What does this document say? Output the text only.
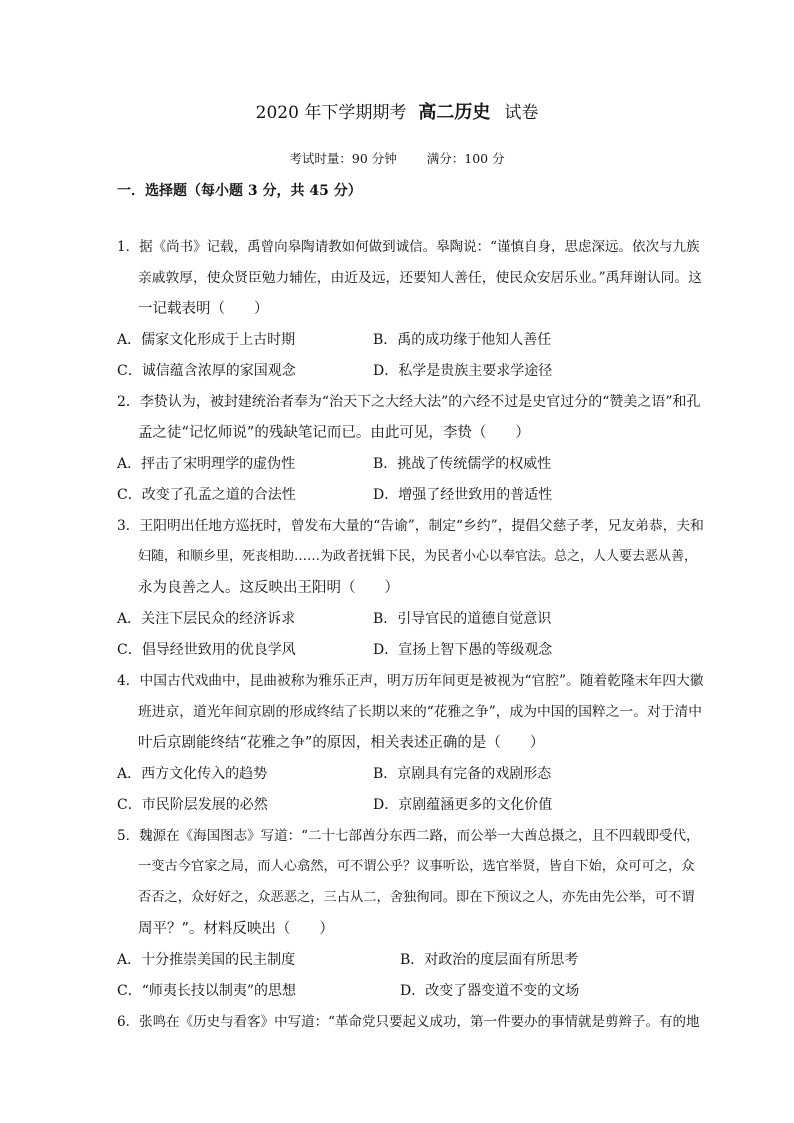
2020 年下学期期考 高二历史 试卷
考试时量：90 分钟 满分：100 分
一．选择题（每小题 3 分，共 45 分）
1．据《尚书》记载，禹曾向皋陶请教如何做到诚信。皋陶说：“谨慎自身，思虑深远。依次与九族
亲戚敦厚，使众贤臣勉力辅佐，由近及远，还要知人善任，使民众安居乐业。”禹拜谢认同。这
一记载表明（　　）
A．儒家文化形成于上古时期	B．禹的成功缘于他知人善任
C．诚信蕴含浓厚的家国观念	D．私学是贵族主要求学途径
2．李贽认为，被封建统治者奉为“治天下之大经大法”的六经不过是史官过分的“赞美之语”和孔
孟之徒“记忆师说”的残缺笔记而已。由此可见，李贽（　　）
A．抨击了宋明理学的虚伪性	B．挑战了传统儒学的权威性
C．改变了孔孟之道的合法性	D．增强了经世致用的普适性
3．王阳明出任地方巡抚时，曾发布大量的“告谕”，制定“乡约”，提倡父慈子孝，兄友弟恭，夫和
妇随，和顺乡里，死丧相助……为政者抚辑下民，为民者小心以奉官法。总之，人人要去恶从善，
永为良善之人。这反映出王阳明（　　）
A．关注下层民众的经济诉求	B．引导官民的道德自觉意识
C．倡导经世致用的优良学风	D．宣扬上智下愚的等级观念
4．中国古代戏曲中，昆曲被称为雅乐正声，明万历年间更是被视为“官腔”。随着乾隆末年四大徽
班进京，道光年间京剧的形成终结了长期以来的“花雅之争”，成为中国的国粹之一。对于清中
叶后京剧能终结“花雅之争”的原因，相关表述正确的是（　　）
A．西方文化传入的趋势	B．京剧具有完备的戏剧形态
C．市民阶层发展的必然	D．京剧蕴涵更多的文化价值
5．魏源在《海国图志》写道：“二十七部酋分东西二路，而公举一大酋总摄之，且不四载即受代，
一变古今官家之局，而人心翕然，可不谓公乎？议事听讼，选官举贤，皆自下始，众可可之，众
否否之，众好好之，众恶恶之，三占从二，舍独徇同。即在下预议之人，亦先由先公举，可不谓
周平？”。材料反映出（　　）
A．十分推崇美国的民主制度	B．对政治的度层面有所思考
C．“师夷长技以制夷”的思想	D．改变了器变道不变的文场
6．张鸣在《历史与看客》中写道：“革命党只要起义成功，第一件要办的事情就是剪辫子。有的地
